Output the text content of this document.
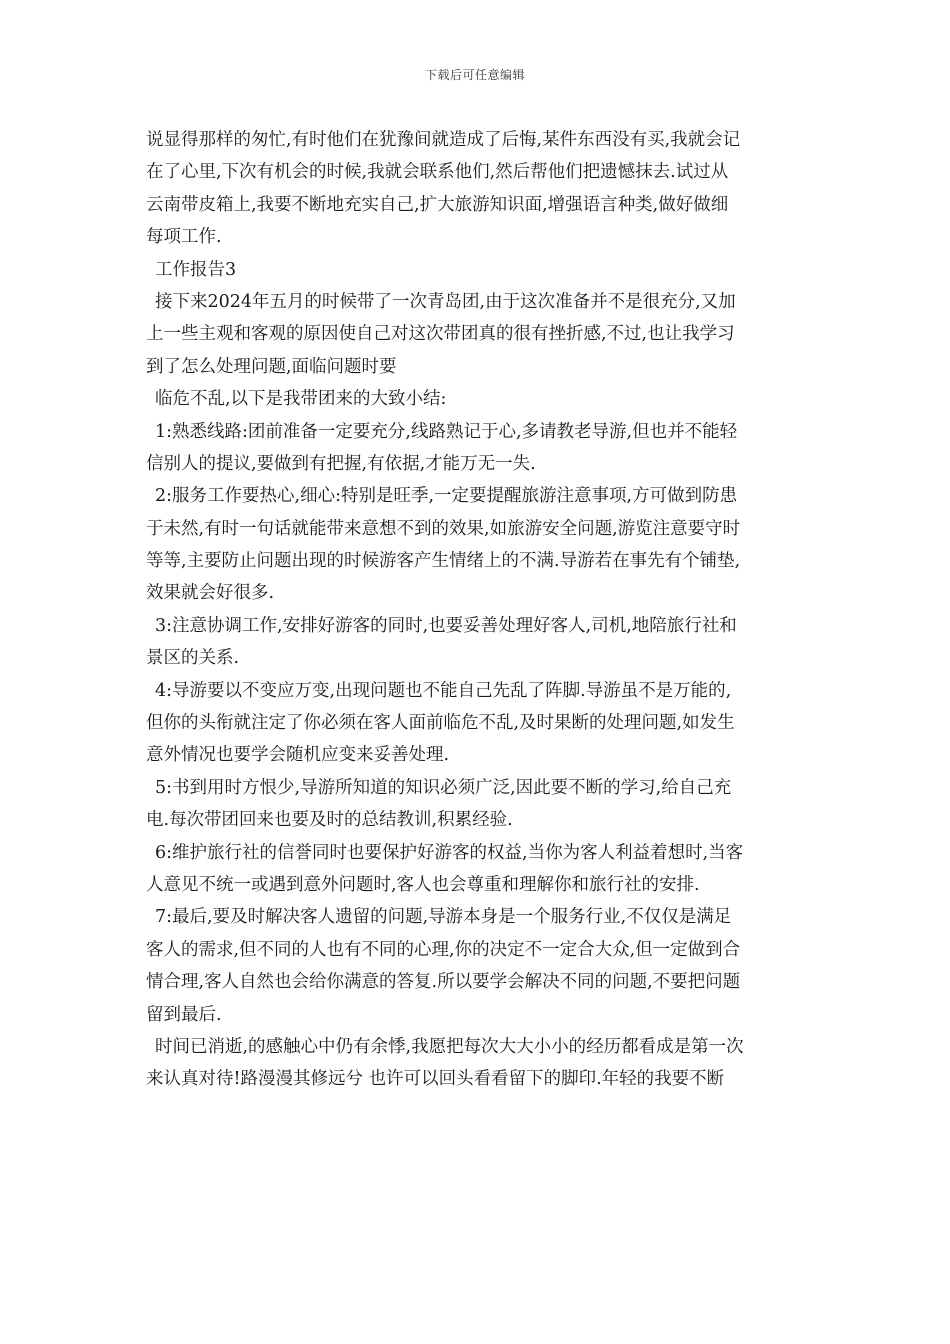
下载后可任意编辑

说显得那样的匆忙,有时他们在犹豫间就造成了后悔,某件东西没有买,我就会记
在了心里,下次有机会的时候,我就会联系他们,然后帮他们把遗憾抹去.试过从
云南带皮箱上,我要不断地充实自己,扩大旅游知识面,增强语言种类,做好做细
每项工作.

工作报告3

接下来2024年五月的时候带了一次青岛团,由于这次准备并不是很充分,又加
上一些主观和客观的原因使自己对这次带团真的很有挫折感,不过,也让我学习
到了怎么处理问题,面临问题时要

临危不乱,以下是我带团来的大致小结:

1:熟悉线路:团前准备一定要充分,线路熟记于心,多请教老导游,但也并不能轻
信别人的提议,要做到有把握,有依据,才能万无一失.

2:服务工作要热心,细心:特别是旺季,一定要提醒旅游注意事项,方可做到防患
于未然,有时一句话就能带来意想不到的效果,如旅游安全问题,游览注意要守时
等等,主要防止问题出现的时候游客产生情绪上的不满.导游若在事先有个铺垫,
效果就会好很多.

3:注意协调工作,安排好游客的同时,也要妥善处理好客人,司机,地陪旅行社和
景区的关系.

4:导游要以不变应万变,出现问题也不能自己先乱了阵脚.导游虽不是万能的,
但你的头衔就注定了你必须在客人面前临危不乱,及时果断的处理问题,如发生
意外情况也要学会随机应变来妥善处理.

5:书到用时方恨少,导游所知道的知识必须广泛,因此要不断的学习,给自己充
电.每次带团回来也要及时的总结教训,积累经验.

6:维护旅行社的信誉同时也要保护好游客的权益,当你为客人利益着想时,当客
人意见不统一或遇到意外问题时,客人也会尊重和理解你和旅行社的安排.

7:最后,要及时解决客人遗留的问题,导游本身是一个服务行业,不仅仅是满足
客人的需求,但不同的人也有不同的心理,你的决定不一定合大众,但一定做到合
情合理,客人自然也会给你满意的答复.所以要学会解决不同的问题,不要把问题
留到最后.

时间已消逝,的感触心中仍有余悸,我愿把每次大大小小的经历都看成是第一次
来认真对待!路漫漫其修远兮 也许可以回头看看留下的脚印.年轻的我要不断
